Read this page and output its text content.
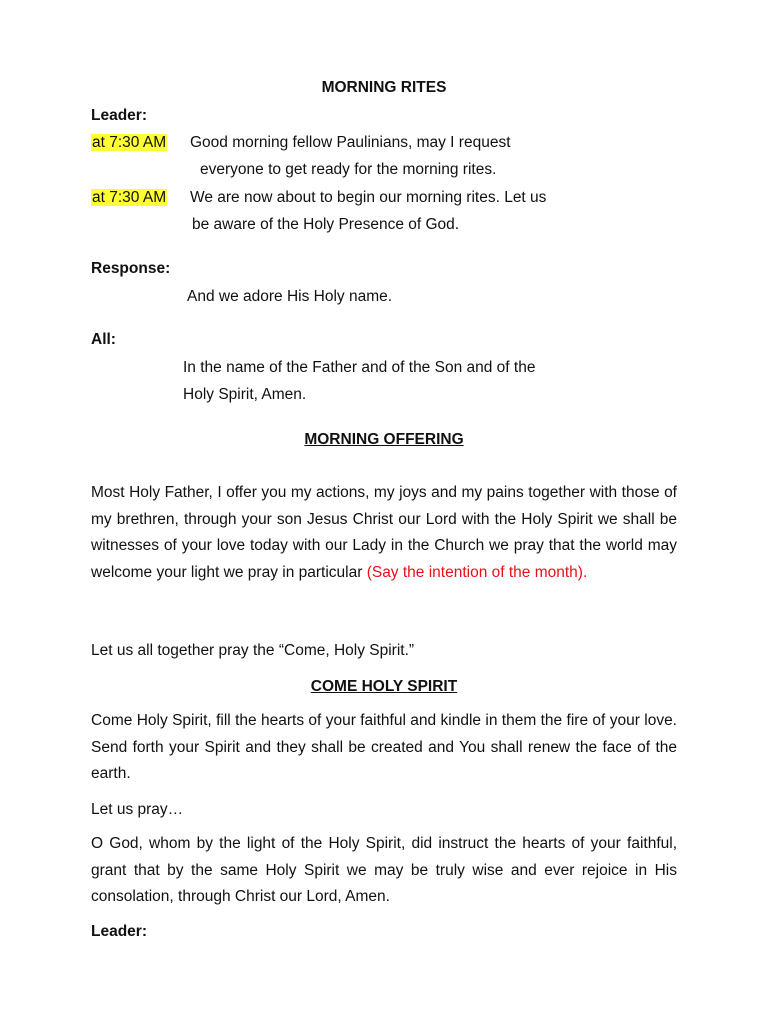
MORNING RITES
Leader:
at 7:30 AM Good morning fellow Paulinians, may I request
everyone to get ready for the morning rites.
at 7:30 AM We are now about to begin our morning rites. Let us
be aware of the Holy Presence of God.
Response:
And we adore His Holy name.
All:
In the name of the Father and of the Son and of the
Holy Spirit, Amen.
MORNING OFFERING

Most Holy Father, I offer you my actions, my joys and my pains together with those of my brethren, through your son Jesus Christ our Lord with the Holy Spirit we shall be witnesses of your love today with our Lady in the Church we pray that the world may welcome your light we pray in particular (Say the intention of the month).

Let us all together pray the “Come, Holy Spirit.”
COME HOLY SPIRIT

Come Holy Spirit, fill the hearts of your faithful and kindle in them the fire of your love. Send forth your Spirit and they shall be created and You shall renew the face of the earth.

Let us pray…

O God, whom by the light of the Holy Spirit, did instruct the hearts of your faithful, grant that by the same Holy Spirit we may be truly wise and ever rejoice in His consolation, through Christ our Lord, Amen.

Leader:
